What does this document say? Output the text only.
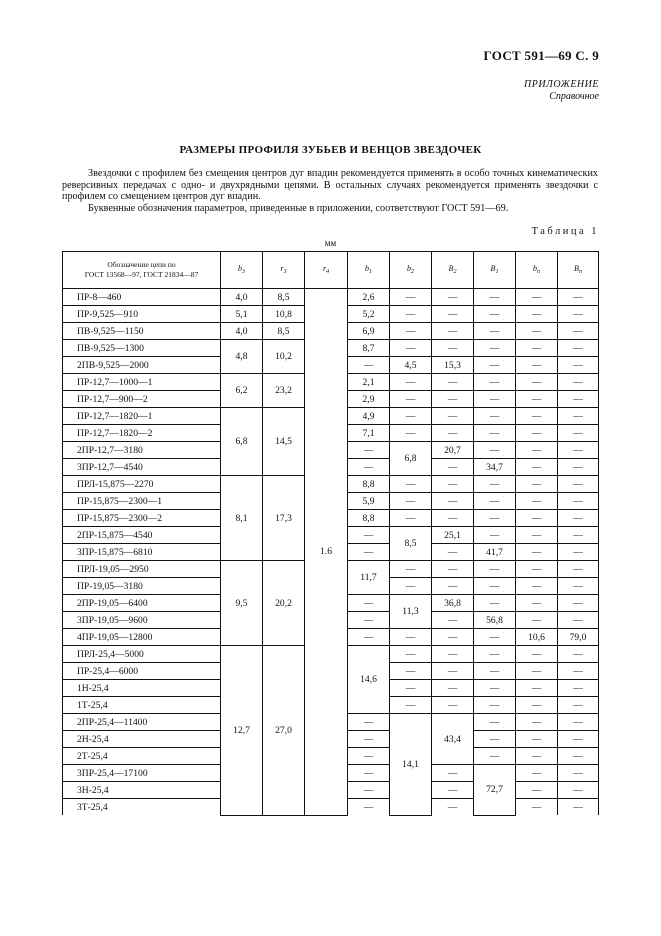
ГОСТ 591—69 С. 9
ПРИЛОЖЕНИЕ
Справочное
РАЗМЕРЫ ПРОФИЛЯ ЗУБЬЕВ И ВЕНЦОВ ЗВЕЗДОЧЕК
Звездочки с профилем без смещения центров дуг впадин рекомендуется применять в особо точных кинематических реверсивных передачах с одно- и двухрядными цепями. В остальных случаях рекомендуется применять звездочки с профилем со смещением центров дуг впадин.
Буквенные обозначения параметров, приведенные в приложении, соответствуют ГОСТ 591—69.
Таблица 1
мм
Обозначение цепи по
ГОСТ 13568—97, ГОСТ 21834—87	$b_3$	$r_3$	$r_4$	$b_1$	$b_2$	$B_2$	$B_1$	$b_n$	$B_n$
ПР-8—460	4,0	8,5	1.6	2,6	—	—	—	—	—
ПР-9,525—910	5,1	10,8		5,2	—	—	—	—	—
ПВ-9,525—1150	4,0	8,5		6,9	—	—	—	—	—
ПВ-9,525—1300	4,8	10,2		8,7	—	—	—	—	—
2ПВ-9,525—2000				—	4,5	15,3	—	—	—
ПР-12,7—1000—1	6,2	23,2		2,1	—	—	—	—	—
ПР-12,7—900—2				2,9	—	—	—	—	—
ПР-12,7—1820—1	6,8	14,5		4,9	—	—	—	—	—
ПР-12,7—1820—2				7,1	—	—	—	—	—
2ПР-12,7—3180				—	6,8	20,7	—	—	—
3ПР-12,7—4540				—		—	34,7	—	—
ПРЛ-15,875—2270	8,1	17,3		8,8	—	—	—	—	—
ПР-15,875—2300—1				5,9	—	—	—	—	—
ПР-15,875—2300—2				8,8	—	—	—	—	—
2ПР-15,875—4540				—	8,5	25,1	—	—	—
3ПР-15,875—6810				—		—	41,7	—	—
ПРЛ-19,05—2950	9,5	20,2		11,7	—	—	—	—	—
ПР-19,05—3180					—	—	—	—	—
2ПР-19,05—6400				—	11,3	36,8	—	—	—
3ПР-19,05—9600				—		—	56,8	—	—
4ПР-19,05—12800				—	—	—	—	10,6	79,0
ПРЛ-25,4—5000	12,7	27,0		14,6	—	—	—	—	—
ПР-25,4—6000					—	—	—	—	—
1Н-25,4					—	—	—	—	—
1Т-25,4					—	—	—	—	—
2ПР-25,4—11400				—	14,1	43,4	—	—	—
2Н-25,4				—			—	—	—
2Т-25,4				—			—	—	—
3ПР-25,4—17100				—		—	72,7	—	—
3Н-25,4				—		—		—	—
3Т-25,4				—		—		—	—
